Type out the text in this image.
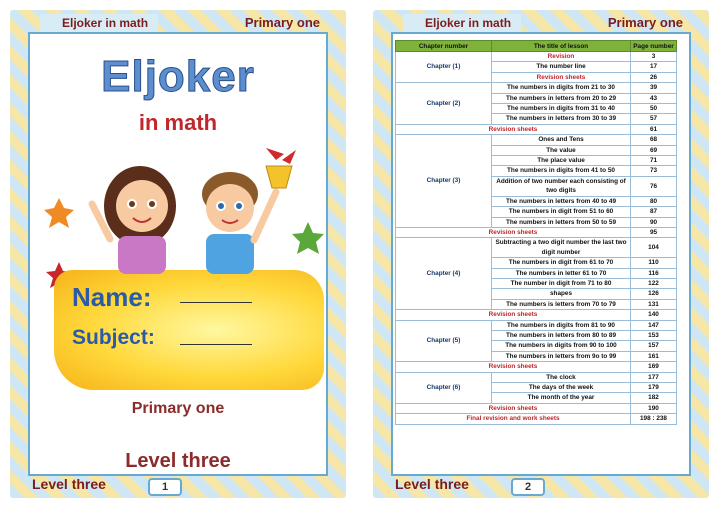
Eljoker in math	Primary one
Eljoker
in math
Name:
Subject:
Primary one
Level three
Level three	1
Eljoker in math	Primary one
Chapter number	The title of lesson	Page number
Chapter (1)	Revision	3
	The number line	17
	Revision sheets	26
Chapter (2)	The numbers in digits from 21 to 30	39
	The numbers in letters from 20 to 29	43
	The numbers in digits from 31 to 40	50
	The numbers in letters from 30 to 39	57
Revision sheets		61
Chapter (3)	Ones and Tens	68
	The value	69
	The place value	71
	The numbers in digits from 41 to 50	73
	Addition of two number each consisting of two digits	76
	The numbers in letters from 40 to 49	80
	The numbers in digit from 51 to 60	87
	The numbers in letters from 50 to 59	90
Revision sheets		95
Chapter (4)	Subtracting a two digit number the last two digit number	104
	The numbers in digit from 61 to 70	110
	The numbers in letter 61 to 70	116
	The number in digit from 71 to 80	122
	shapes	126
	The numbers is letters from 70 to 79	131
Revision sheets		140
Chapter (5)	The numbers in digits from 81 to 90	147
	The numbers in letters from 80 to 89	153
	The numbers in digits from 90 to 100	157
	The numbers in letters from 9o to 99	161
Revision sheets		169
Chapter (6)	The clock	177
	The days of the week	179
	The month of the year	182
Revision sheets		190
Final revision and work sheets		198 : 238
Level three	2
